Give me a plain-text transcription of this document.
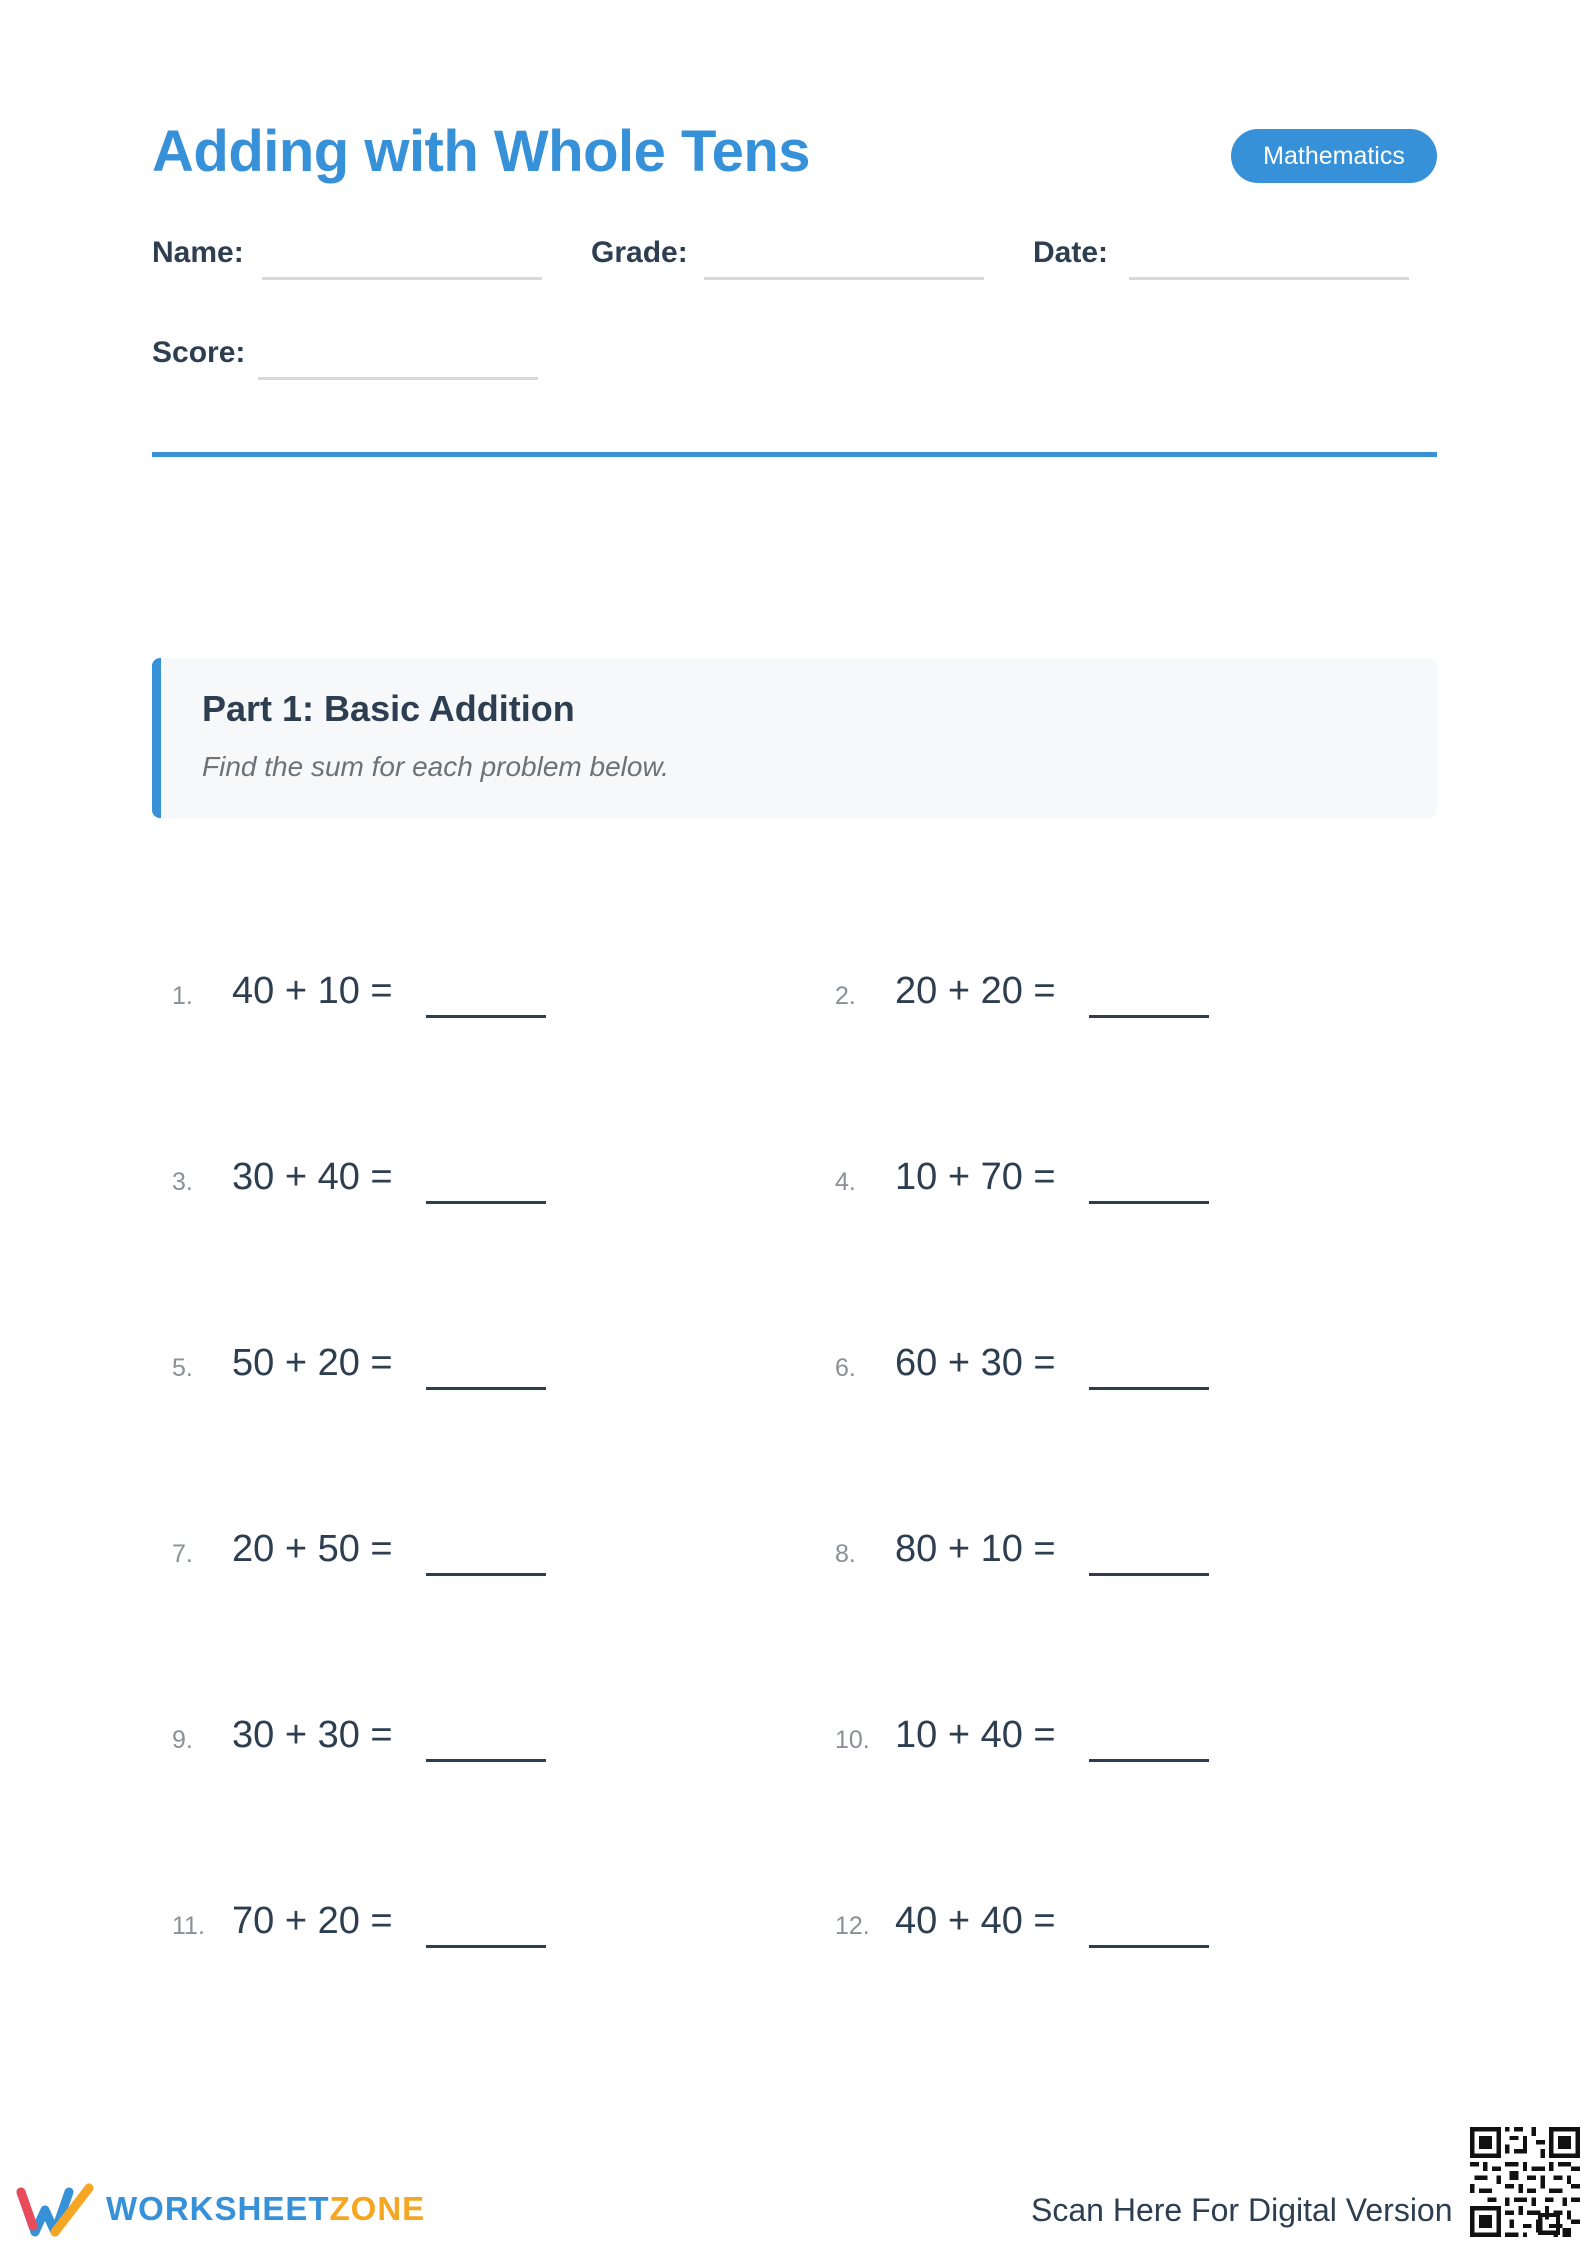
Adding with Whole Tens	Mathematics
Name:	Grade:	Date:
Score:
Part 1: Basic Addition
Find the sum for each problem below.
1. 40 + 10 =	2. 20 + 20 =
3. 30 + 40 =	4. 10 + 70 =
5. 50 + 20 =	6. 60 + 30 =
7. 20 + 50 =	8. 80 + 10 =
9. 30 + 30 =	10. 10 + 40 =
11. 70 + 20 =	12. 40 + 40 =
WORKSHEETZONE	Scan Here For Digital Version
